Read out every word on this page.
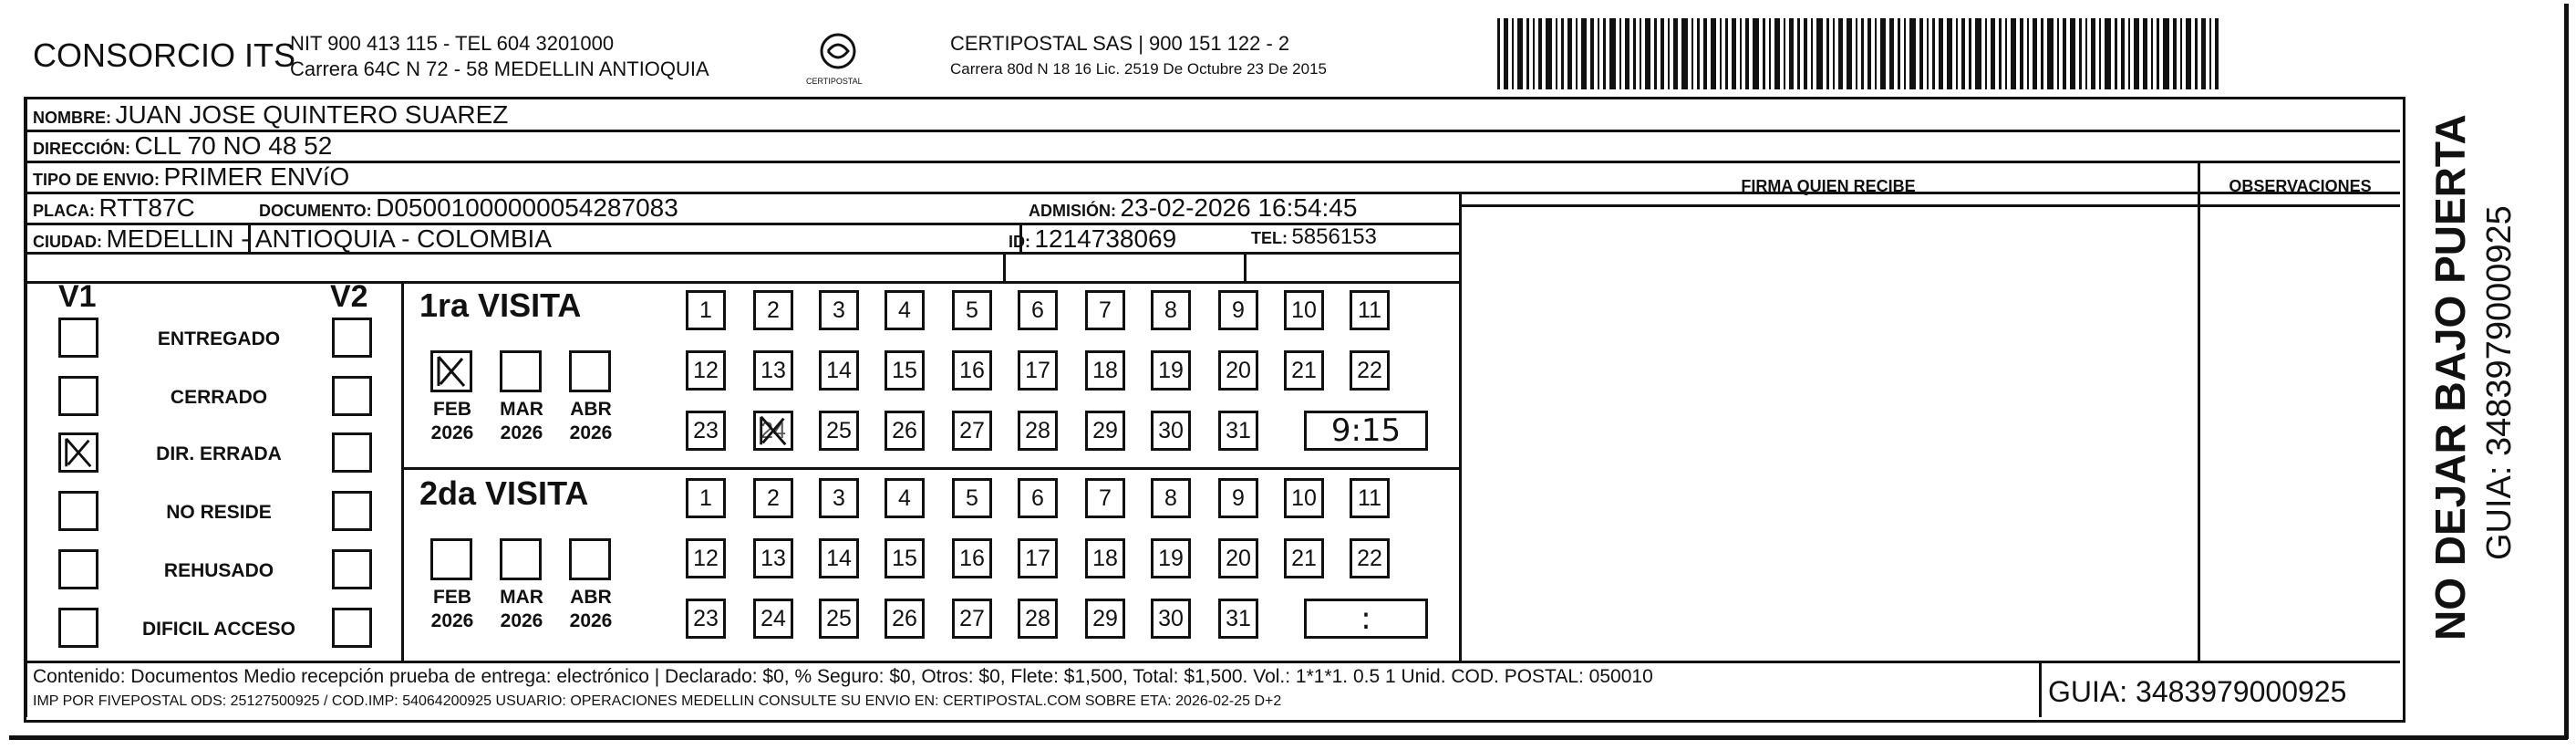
CONSORCIO ITS
NIT 900 413 115 - TEL 604 3201000
Carrera 64C N 72 - 58 MEDELLIN ANTIOQUIA
CERTIPOSTAL
CERTIPOSTAL SAS | 900 151 122 - 2
Carrera 80d N 18 16 Lic. 2519 De Octubre 23 De 2015
NOMBRE: JUAN JOSE QUINTERO SUAREZ
DIRECCIÓN: CLL 70 NO 48 52
TIPO DE ENVIO: PRIMER ENVíO
PLACA: RTT87C	DOCUMENTO: D05001000000054287083	ADMISIÓN: 23-02-2026 16:54:45
CIUDAD: MEDELLIN - ANTIOQUIA - COLOMBIA	ID: 1214738069	TEL: 5856153
FIRMA QUIEN RECIBE	OBSERVACIONES
V1	V2 1ra VISITA
2da VISITA
Contenido: Documentos Medio recepción prueba de entrega: electrónico | Declarado: $0, % Seguro: $0, Otros: $0, Flete: $1,500, Total: $1,500. Vol.: 1*1*1. 0.5 1 Unid. COD. POSTAL: 050010
IMP POR FIVEPOSTAL ODS: 25127500925 / COD.IMP: 54064200925 USUARIO: OPERACIONES MEDELLIN CONSULTE SU ENVIO EN: CERTIPOSTAL.COM SOBRE ETA: 2026-02-25 D+2	GUIA: 3483979000925
NO DEJAR BAJO PUERTA GUIA: 3483979000925
ENTREGADO
CERRADO
DIR. ERRADA
NO RESIDE
REHUSADO
DIFICIL ACCESO
1	2	3	4	5	6	7	8	9	10	11
12	13	14	15	16	17	18	19	20	21	22
23	24	25	26	27	28	29	30	31	9:15
FEB
2026
MAR
2026
ABR
2026
1	2	3	4	5	6	7	8	9	10	11
12	13	14	15	16	17	18	19	20	21	22
23	24	25	26	27	28	29	30	31	:
FEB
2026
MAR
2026
ABR
2026
